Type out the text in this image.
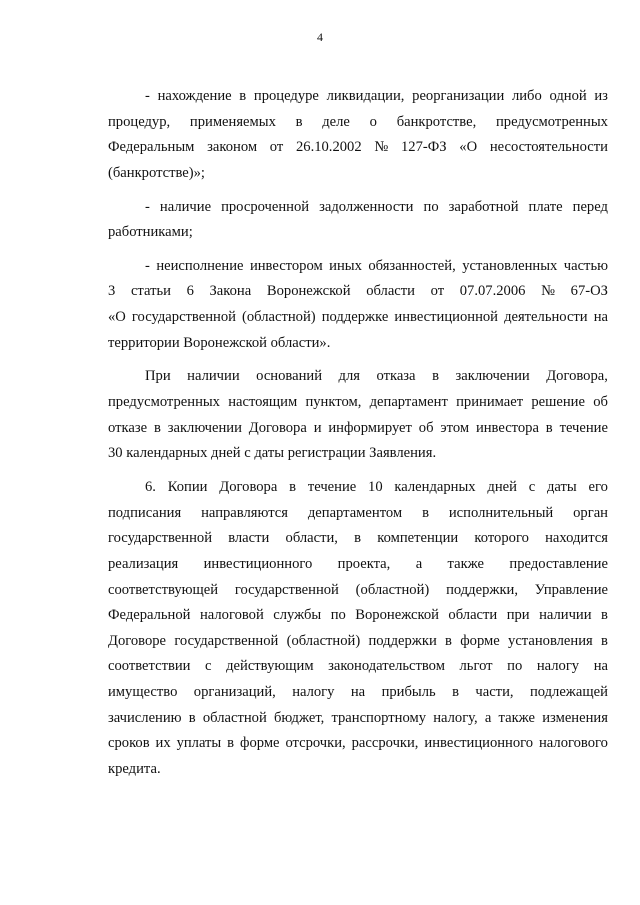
4
- нахождение в процедуре ликвидации, реорганизации либо одной из
процедур, применяемых в деле о банкротстве, предусмотренных
Федеральным законом от 26.10.2002 № 127-ФЗ «О несостоятельности
(банкротстве)»;
- наличие просроченной задолженности по заработной плате перед
работниками;
- неисполнение инвестором иных обязанностей, установленных частью
3 статьи 6 Закона Воронежской области от 07.07.2006 № 67-ОЗ
«О государственной (областной) поддержке инвестиционной деятельности на
территории Воронежской области».
При наличии оснований для отказа в заключении Договора,
предусмотренных настоящим пунктом, департамент принимает решение об
отказе в заключении Договора и информирует об этом инвестора в течение
30 календарных дней с даты регистрации Заявления.
6. Копии Договора в течение 10 календарных дней с даты его
подписания направляются департаментом в исполнительный орган
государственной власти области, в компетенции которого находится
реализация инвестиционного проекта, а также предоставление
соответствующей государственной (областной) поддержки, Управление
Федеральной налоговой службы по Воронежской области при наличии в
Договоре государственной (областной) поддержки в форме установления в
соответствии с действующим законодательством льгот по налогу на
имущество организаций, налогу на прибыль в части, подлежащей
зачислению в областной бюджет, транспортному налогу, а также изменения
сроков их уплаты в форме отсрочки, рассрочки, инвестиционного налогового
кредита.
